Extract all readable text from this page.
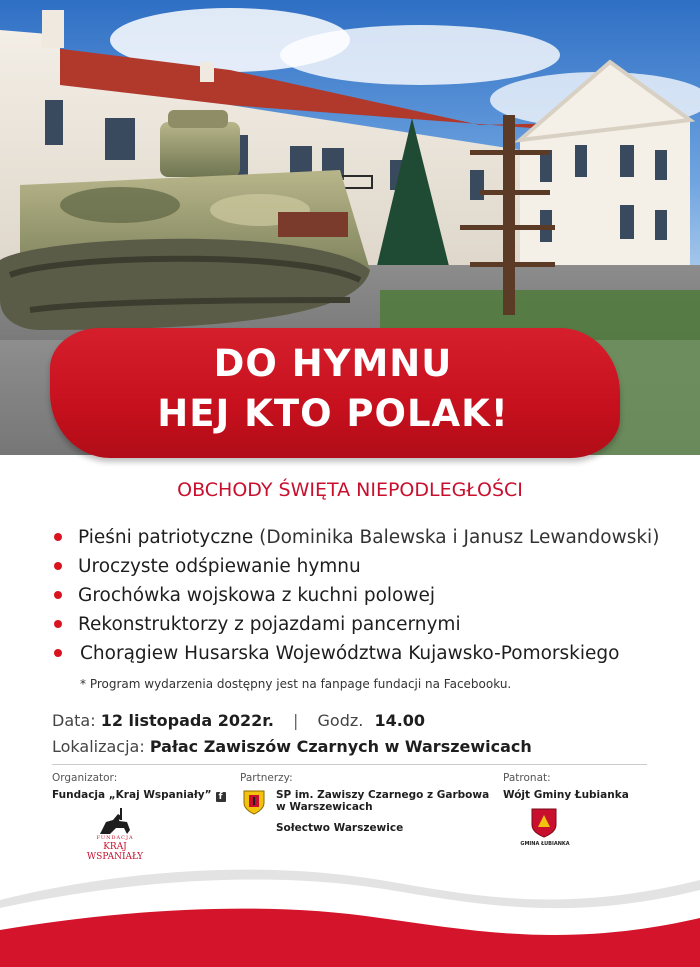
DO HYMNU
HEJ KTO POLAK!
OBCHODY ŚWIĘTA NIEPODLEGŁOŚCI
Pieśni patriotyczne (Dominika Balewska i Janusz Lewandowski)
Uroczyste odśpiewanie hymnu
Grochówka wojskowa z kuchni polowej
Rekonstruktorzy z pojazdami pancernymi
Chorągiew Husarska Województwa Kujawsko-Pomorskiego
* Program wydarzenia dostępny jest na fanpage fundacji na Facebooku.
Data: 12 listopada 2022r. | Godz. 14.00
Lokalizacja: Pałac Zawiszów Czarnych w Warszewicach
Organizator:
Fundacja „Kraj Wspaniały” f
FUNDACJA
KRAJ WSPANIAŁY
Partnerzy:
SP im. Zawiszy Czarnego z Garbowa
w Warszewicach
Sołectwo Warszewice
Patronat:
Wójt Gminy Łubianka
GMINA ŁUBIANKA
